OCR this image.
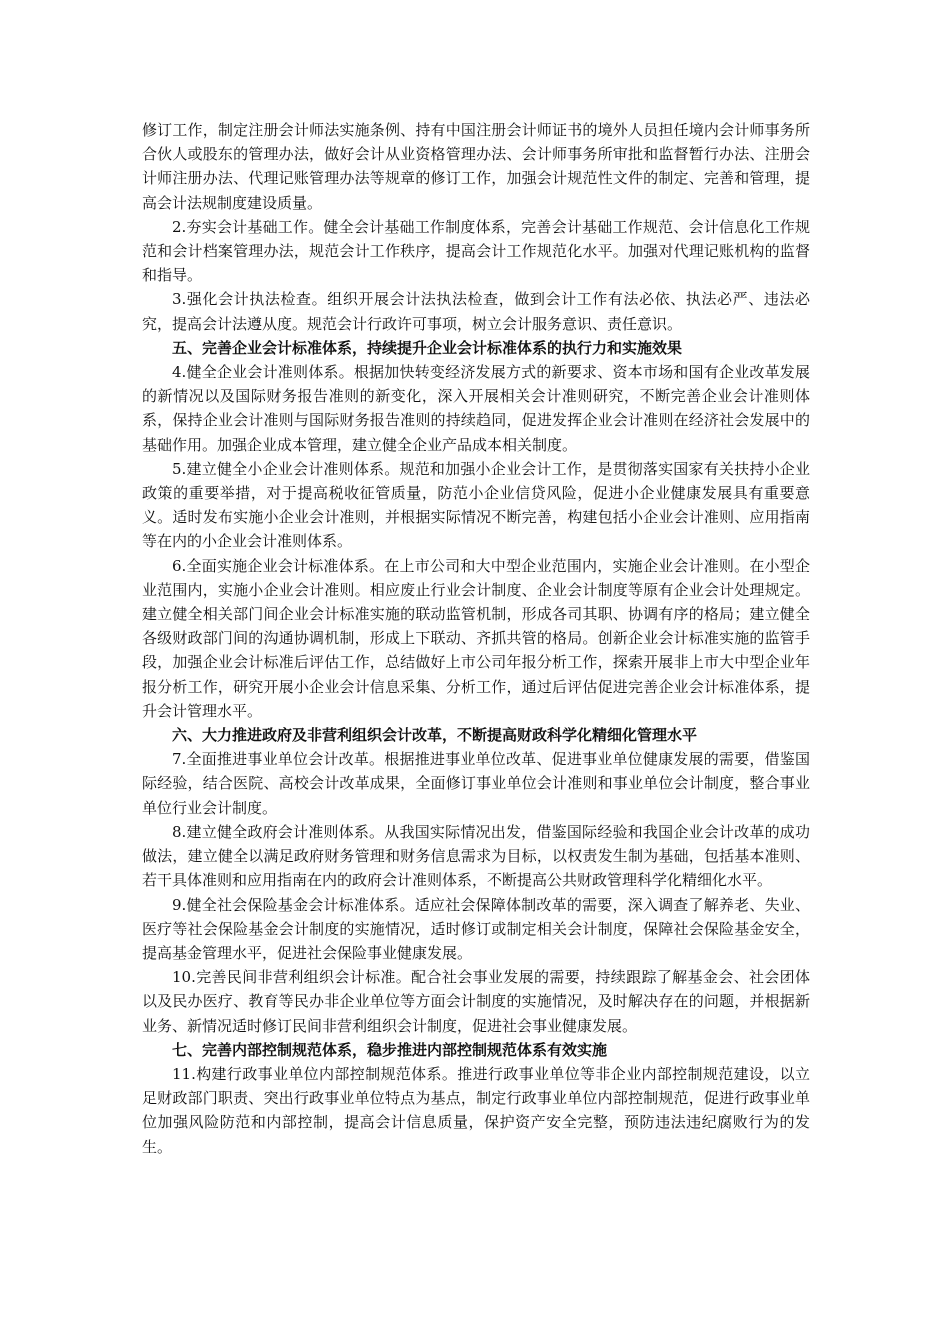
修订工作，制定注册会计师法实施条例、持有中国注册会计师证书的境外人员担任境内会计师事务所合伙人或股东的管理办法，做好会计从业资格管理办法、会计师事务所审批和监督暂行办法、注册会计师注册办法、代理记账管理办法等规章的修订工作，加强会计规范性文件的制定、完善和管理，提高会计法规制度建设质量。

2.夯实会计基础工作。健全会计基础工作制度体系，完善会计基础工作规范、会计信息化工作规范和会计档案管理办法，规范会计工作秩序，提高会计工作规范化水平。加强对代理记账机构的监督和指导。

3.强化会计执法检查。组织开展会计法执法检查，做到会计工作有法必依、执法必严、违法必究，提高会计法遵从度。规范会计行政许可事项，树立会计服务意识、责任意识。

五、完善企业会计标准体系，持续提升企业会计标准体系的执行力和实施效果

4.健全企业会计准则体系。根据加快转变经济发展方式的新要求、资本市场和国有企业改革发展的新情况以及国际财务报告准则的新变化，深入开展相关会计准则研究，不断完善企业会计准则体系，保持企业会计准则与国际财务报告准则的持续趋同，促进发挥企业会计准则在经济社会发展中的基础作用。加强企业成本管理，建立健全企业产品成本相关制度。

5.建立健全小企业会计准则体系。规范和加强小企业会计工作，是贯彻落实国家有关扶持小企业政策的重要举措，对于提高税收征管质量，防范小企业信贷风险，促进小企业健康发展具有重要意义。适时发布实施小企业会计准则，并根据实际情况不断完善，构建包括小企业会计准则、应用指南等在内的小企业会计准则体系。

6.全面实施企业会计标准体系。在上市公司和大中型企业范围内，实施企业会计准则。在小型企业范围内，实施小企业会计准则。相应废止行业会计制度、企业会计制度等原有企业会计处理规定。建立健全相关部门间企业会计标准实施的联动监管机制，形成各司其职、协调有序的格局；建立健全各级财政部门间的沟通协调机制，形成上下联动、齐抓共管的格局。创新企业会计标准实施的监管手段，加强企业会计标准后评估工作，总结做好上市公司年报分析工作，探索开展非上市大中型企业年报分析工作，研究开展小企业会计信息采集、分析工作，通过后评估促进完善企业会计标准体系，提升会计管理水平。

六、大力推进政府及非营利组织会计改革，不断提高财政科学化精细化管理水平

7.全面推进事业单位会计改革。根据推进事业单位改革、促进事业单位健康发展的需要，借鉴国际经验，结合医院、高校会计改革成果，全面修订事业单位会计准则和事业单位会计制度，整合事业单位行业会计制度。

8.建立健全政府会计准则体系。从我国实际情况出发，借鉴国际经验和我国企业会计改革的成功做法，建立健全以满足政府财务管理和财务信息需求为目标，以权责发生制为基础，包括基本准则、若干具体准则和应用指南在内的政府会计准则体系，不断提高公共财政管理科学化精细化水平。

9.健全社会保险基金会计标准体系。适应社会保障体制改革的需要，深入调查了解养老、失业、医疗等社会保险基金会计制度的实施情况，适时修订或制定相关会计制度，保障社会保险基金安全，提高基金管理水平，促进社会保险事业健康发展。

10.完善民间非营利组织会计标准。配合社会事业发展的需要，持续跟踪了解基金会、社会团体以及民办医疗、教育等民办非企业单位等方面会计制度的实施情况，及时解决存在的问题，并根据新业务、新情况适时修订民间非营利组织会计制度，促进社会事业健康发展。

七、完善内部控制规范体系，稳步推进内部控制规范体系有效实施

11.构建行政事业单位内部控制规范体系。推进行政事业单位等非企业内部控制规范建设，以立足财政部门职责、突出行政事业单位特点为基点，制定行政事业单位内部控制规范，促进行政事业单位加强风险防范和内部控制，提高会计信息质量，保护资产安全完整，预防违法违纪腐败行为的发生。
